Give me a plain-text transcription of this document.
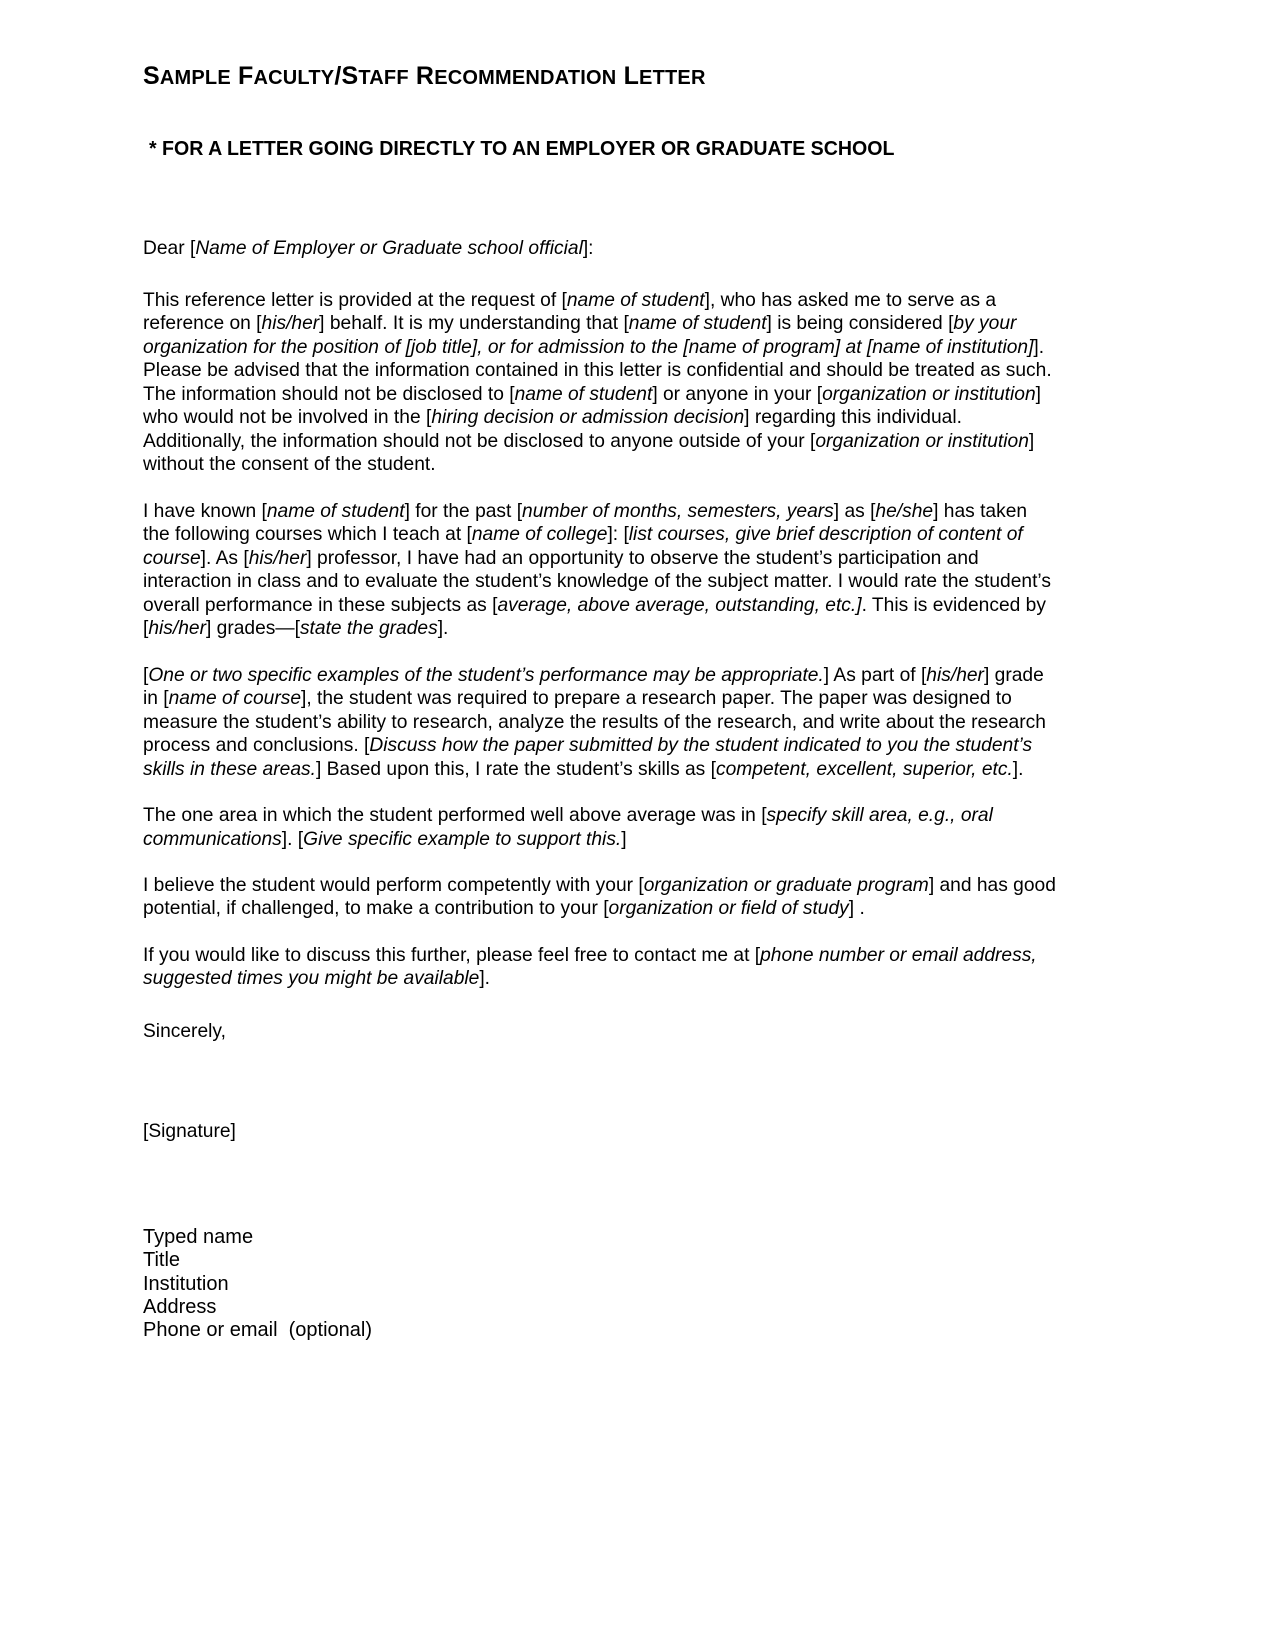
SAMPLE FACULTY/STAFF RECOMMENDATION LETTER
* FOR A LETTER GOING DIRECTLY TO AN EMPLOYER OR GRADUATE SCHOOL

Dear [Name of Employer or Graduate school official]:

This reference letter is provided at the request of [name of student], who has asked me to serve as a reference on [his/her] behalf. It is my understanding that [name of student] is being considered [by your organization for the position of [job title], or for admission to the [name of program] at [name of institution]]. Please be advised that the information contained in this letter is confidential and should be treated as such. The information should not be disclosed to [name of student] or anyone in your [organization or institution] who would not be involved in the [hiring decision or admission decision] regarding this individual. Additionally, the information should not be disclosed to anyone outside of your [organization or institution] without the consent of the student.

I have known [name of student] for the past [number of months, semesters, years] as [he/she] has taken the following courses which I teach at [name of college]: [list courses, give brief description of content of course]. As [his/her] professor, I have had an opportunity to observe the student’s participation and interaction in class and to evaluate the student’s knowledge of the subject matter. I would rate the student’s overall performance in these subjects as [average, above average, outstanding, etc.]. This is evidenced by [his/her] grades—[state the grades].

[One or two specific examples of the student’s performance may be appropriate.] As part of [his/her] grade in [name of course], the student was required to prepare a research paper. The paper was designed to measure the student’s ability to research, analyze the results of the research, and write about the research process and conclusions. [Discuss how the paper submitted by the student indicated to you the student’s skills in these areas.] Based upon this, I rate the student’s skills as [competent, excellent, superior, etc.].

The one area in which the student performed well above average was in [specify skill area, e.g., oral communications]. [Give specific example to support this.]

I believe the student would perform competently with your [organization or graduate program] and has good potential, if challenged, to make a contribution to your [organization or field of study] .

If you would like to discuss this further, please feel free to contact me at [phone number or email address, suggested times you might be available].

Sincerely,

[Signature]

Typed name
Title
Institution
Address
Phone or email  (optional)
